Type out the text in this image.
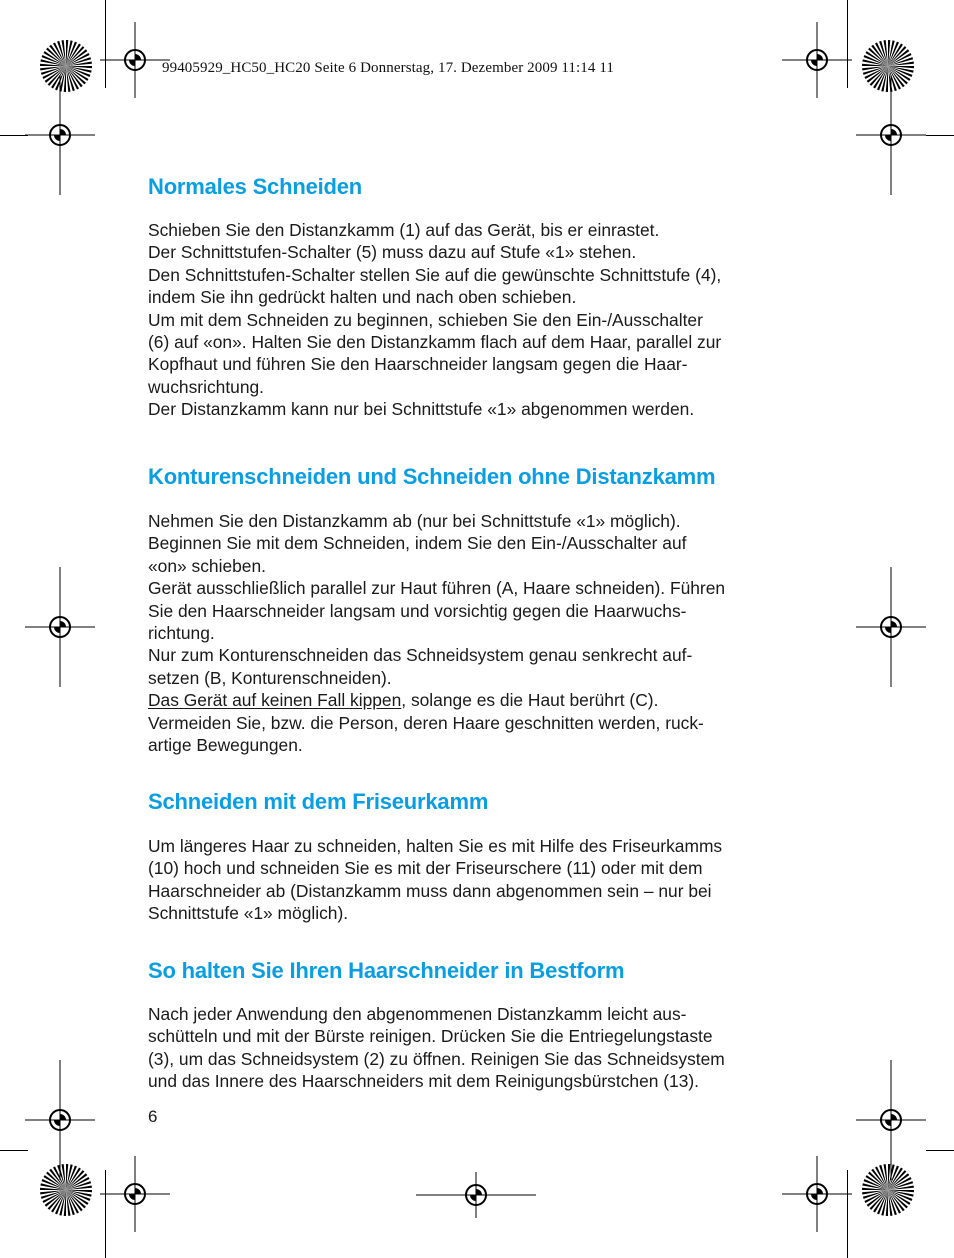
99405929_HC50_HC20 Seite 6 Donnerstag, 17. Dezember 2009 11:14 11
Normales Schneiden
Schieben Sie den Distanzkamm (1) auf das Gerät, bis er einrastet.
Der Schnittstufen-Schalter (5) muss dazu auf Stufe «1» stehen.
Den Schnittstufen-Schalter stellen Sie auf die gewünschte Schnittstufe (4),
indem Sie ihn gedrückt halten und nach oben schieben.
Um mit dem Schneiden zu beginnen, schieben Sie den Ein-/Ausschalter
(6) auf «on». Halten Sie den Distanzkamm flach auf dem Haar, parallel zur
Kopfhaut und führen Sie den Haarschneider langsam gegen die Haar-
wuchsrichtung.
Der Distanzkamm kann nur bei Schnittstufe «1» abgenommen werden.
Konturenschneiden und Schneiden ohne Distanzkamm
Nehmen Sie den Distanzkamm ab (nur bei Schnittstufe «1» möglich).
Beginnen Sie mit dem Schneiden, indem Sie den Ein-/Ausschalter auf
«on» schieben.
Gerät ausschließlich parallel zur Haut führen (A, Haare schneiden). Führen
Sie den Haarschneider langsam und vorsichtig gegen die Haarwuchs-
richtung.
Nur zum Konturenschneiden das Schneidsystem genau senkrecht auf-
setzen (B, Konturenschneiden).
Das Gerät auf keinen Fall kippen, solange es die Haut berührt (C).
Vermeiden Sie, bzw. die Person, deren Haare geschnitten werden, ruck-
artige Bewegungen.
Schneiden mit dem Friseurkamm
Um längeres Haar zu schneiden, halten Sie es mit Hilfe des Friseurkamms
(10) hoch und schneiden Sie es mit der Friseurschere (11) oder mit dem
Haarschneider ab (Distanzkamm muss dann abgenommen sein – nur bei
Schnittstufe «1» möglich).
So halten Sie Ihren Haarschneider in Bestform
Nach jeder Anwendung den abgenommenen Distanzkamm leicht aus-
schütteln und mit der Bürste reinigen. Drücken Sie die Entriegelungstaste
(3), um das Schneidsystem (2) zu öffnen. Reinigen Sie das Schneidsystem
und das Innere des Haarschneiders mit dem Reinigungsbürstchen (13).
6
